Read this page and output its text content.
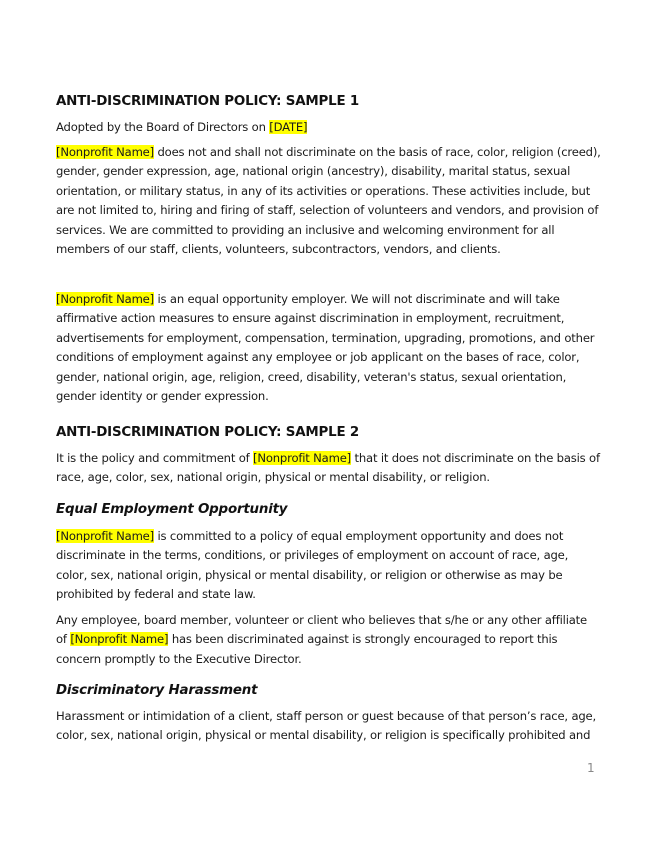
ANTI-DISCRIMINATION POLICY: SAMPLE 1

Adopted by the Board of Directors on [DATE]

[Nonprofit Name] does not and shall not discriminate on the basis of race, color, religion (creed), gender, gender expression, age, national origin (ancestry), disability, marital status, sexual orientation, or military status, in any of its activities or operations. These activities include, but are not limited to, hiring and firing of staff, selection of volunteers and vendors, and provision of services. We are committed to providing an inclusive and welcoming environment for all members of our staff, clients, volunteers, subcontractors, vendors, and clients.

[Nonprofit Name] is an equal opportunity employer. We will not discriminate and will take affirmative action measures to ensure against discrimination in employment, recruitment, advertisements for employment, compensation, termination, upgrading, promotions, and other conditions of employment against any employee or job applicant on the bases of race, color, gender, national origin, age, religion, creed, disability, veteran's status, sexual orientation, gender identity or gender expression.

ANTI-DISCRIMINATION POLICY: SAMPLE 2

It is the policy and commitment of [Nonprofit Name] that it does not discriminate on the basis of race, age, color, sex, national origin, physical or mental disability, or religion.

Equal Employment Opportunity

[Nonprofit Name] is committed to a policy of equal employment opportunity and does not discriminate in the terms, conditions, or privileges of employment on account of race, age, color, sex, national origin, physical or mental disability, or religion or otherwise as may be prohibited by federal and state law.

Any employee, board member, volunteer or client who believes that s/he or any other affiliate of [Nonprofit Name] has been discriminated against is strongly encouraged to report this concern promptly to the Executive Director.

Discriminatory Harassment

Harassment or intimidation of a client, staff person or guest because of that person’s race, age, color, sex, national origin, physical or mental disability, or religion is specifically prohibited and

1
